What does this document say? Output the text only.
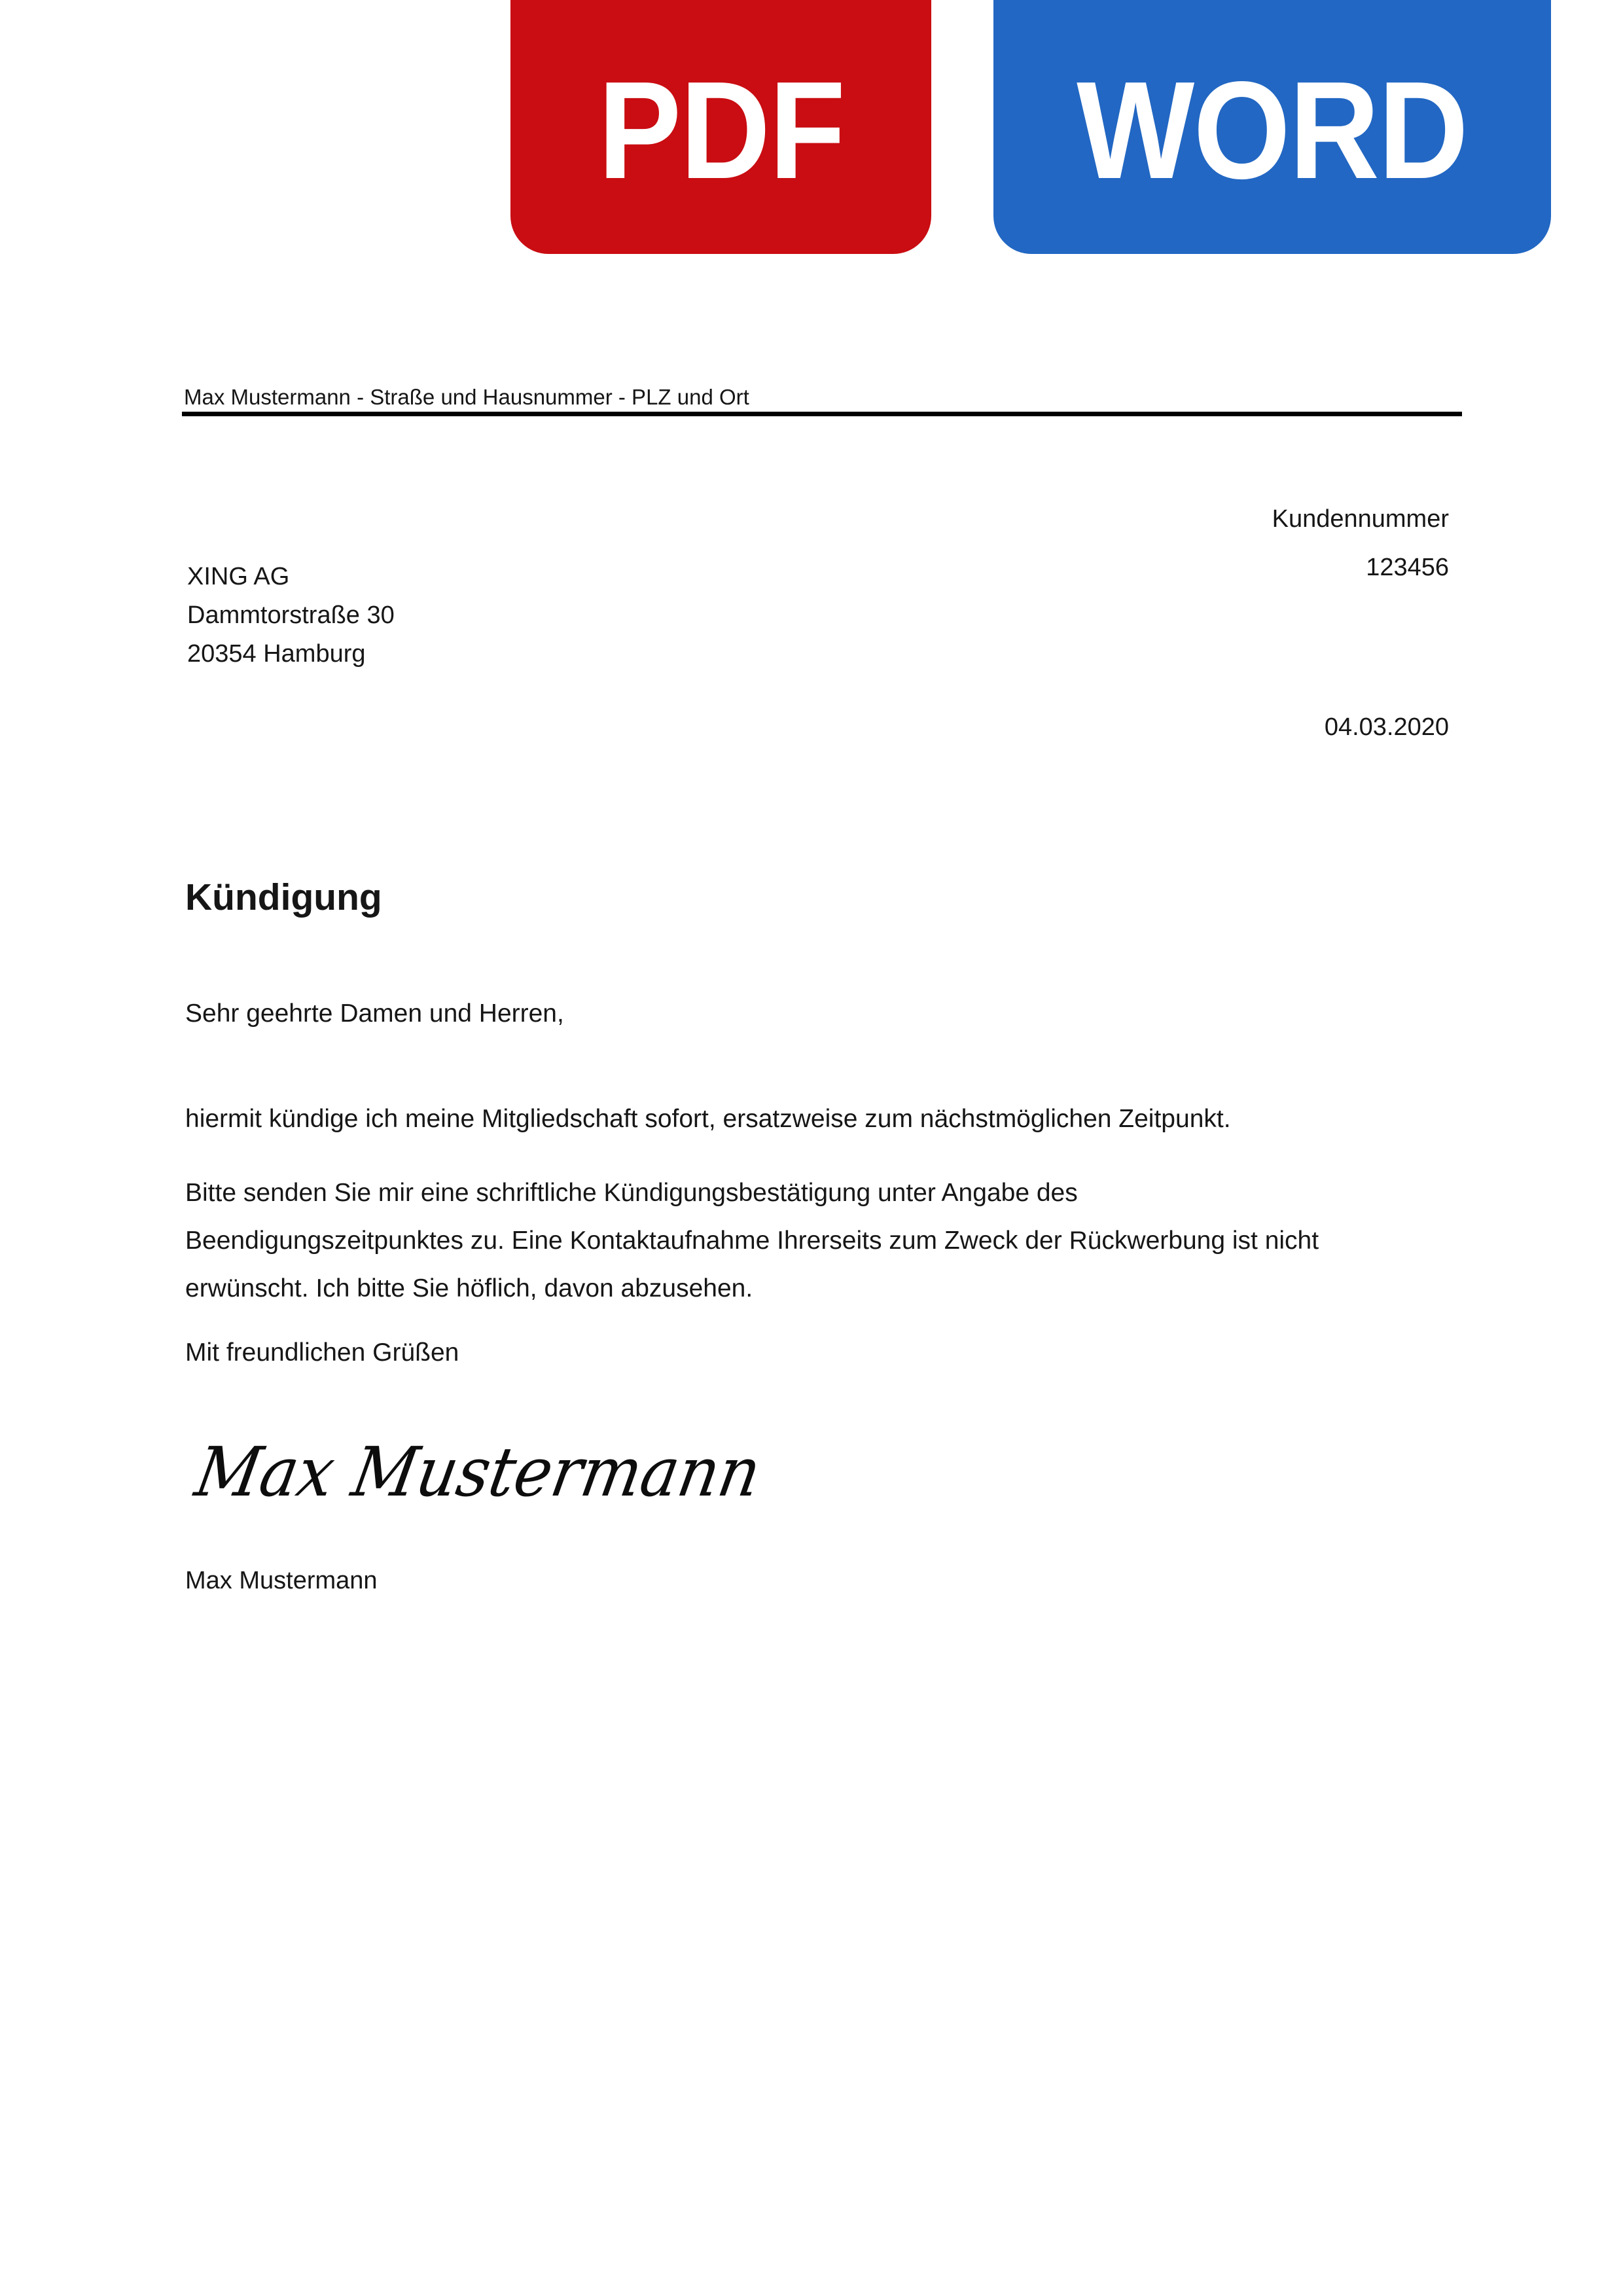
PDF WORD
Max Mustermann - Straße und Hausnummer - PLZ und Ort
Kundennummer
123456
XING AG
Dammtorstraße 30
20354 Hamburg
04.03.2020
Kündigung
Sehr geehrte Damen und Herren,
hiermit kündige ich meine Mitgliedschaft sofort, ersatzweise zum nächstmöglichen Zeitpunkt.
Bitte senden Sie mir eine schriftliche Kündigungsbestätigung unter Angabe des
Beendigungszeitpunktes zu. Eine Kontaktaufnahme Ihrerseits zum Zweck der Rückwerbung ist nicht
erwünscht. Ich bitte Sie höflich, davon abzusehen.
Mit freundlichen Grüßen
Max Mustermann
Max Mustermann
